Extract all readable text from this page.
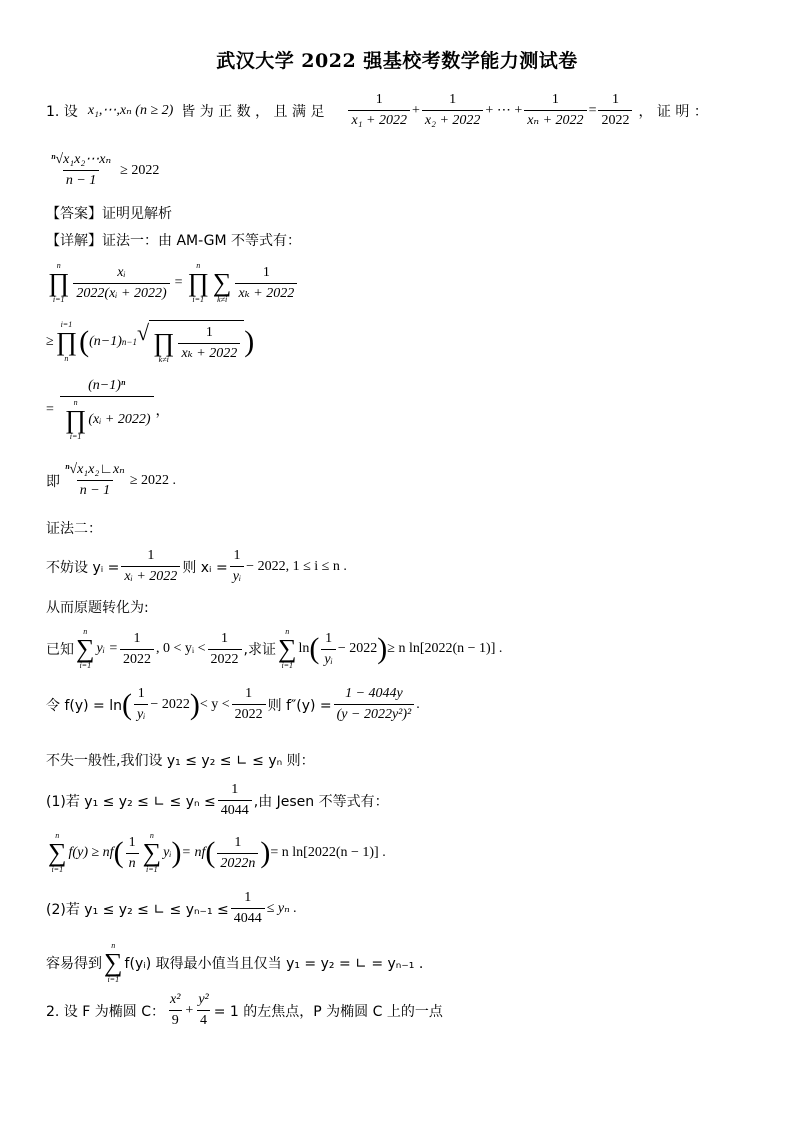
武汉大学 2022 强基校考数学能力测试卷
1. 设 x₁,⋯,xₙ (n ≥ 2) 皆 为 正 数 ， 且 满 足 $\frac{1}{\text{x₁ + 2022}} + \frac{1}{\text{x₂ + 2022}}$ + ⋯ + $\frac{1}{\text{xₙ + 2022}} = \frac{1}{2022}$ ， 证 明 ：
$\frac{\text{ⁿ√x₁x₂⋯xₙ}}{n - 1} \ge 2022$
【答案】证明见解析
【详解】证法一：由 AM-GM 不等式有：
n
∏
$i=1 \frac{\text{xᵢ}}{\text{2022(xᵢ + 2022)}}$ =
n
∏
i=1

∑
$k\ne i \frac{1}{\text{xₖ + 2022}}$
≥
i=1
∏
n
( (n−1) n−1 √
∏
$k\ne i \frac{1}{\text{xₖ + 2022}}$ )
= (n−1)ⁿ
n
∏
i=1
(xᵢ + 2022) ，
即 $\frac{\text{ⁿ√x₁x₂∟xₙ}}{n - 1} \ge 2022$ .
证法二：
不妨设 yᵢ = $\frac{1}{\text{xᵢ + 2022}}$ 则 xᵢ = $\frac{1}{\text{yᵢ}} - 2022$, 1 ≤ i ≤ n .
从而原题转化为:
已知
n
∑
i=1
yᵢ = $\frac{1}{2022}$ , 0 < yᵢ < $\frac{1}{2022}$ ,求证
n
∑
i=1
ln ( $\frac{1}{\text{yᵢ}} - 2022$ ) ≥ n ln[2022(n − 1)] .
令 f(y) = ln ( $\frac{1}{\text{yᵢ}} - 2022$ ) < $y < \frac{1}{2022}$ 则 $f''(y) = \frac{1 - 4044y}{\text{(y − 2022y²)²}}$ .
不失一般性,我们设 y₁ ≤ y₂ ≤ ∟ ≤ yₙ 则：
(1)若 y₁ ≤ y₂ ≤ ∟ ≤ $y_n \le \frac{1}{4044}$ ,由 Jesen 不等式有：
n
∑
i=1
f(y) ≥ nf ( $\frac{1}{n}$ n
∑
i=1
yᵢ ) = nf ( $\frac{1}{2022n}$ ) = n ln[2022(n − 1)] .
(2)若 y₁ ≤ y₂ ≤ ∟ ≤ $y_{n-1} \le \frac{1}{4044} \le y_n$ .
容易得到
n
∑
i=1
f(yᵢ) 取得最小值当且仅当 y₁ = y₂ = ∟ = yₙ₋₁ .
2. 设 F 为椭圆 C： $\frac{\text{x²}}{9} + \frac{\text{y²}}{4} = 1$ 的左焦点，P 为椭圆 C 上的一点
